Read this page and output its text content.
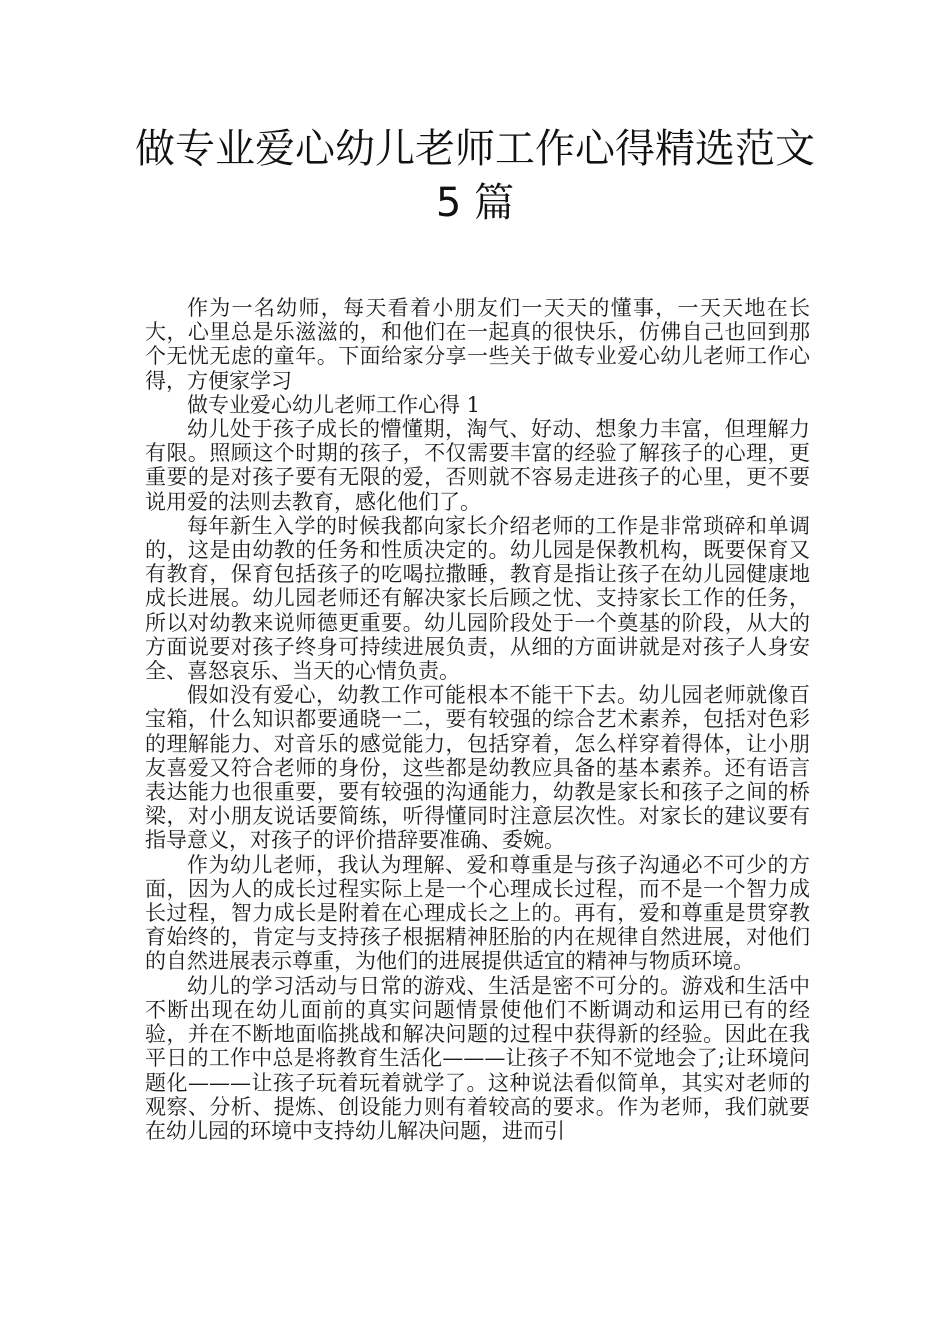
做专业爱心幼儿老师工作心得精选范文
5 篇

作为一名幼师，每天看着小朋友们一天天的懂事，一天天地在长大，心里总是乐滋滋的，和他们在一起真的很快乐，仿佛自己也回到那个无忧无虑的童年。下面给家分享一些关于做专业爱心幼儿老师工作心得，方便家学习

做专业爱心幼儿老师工作心得 1

幼儿处于孩子成长的懵懂期，淘气、好动、想象力丰富，但理解力有限。照顾这个时期的孩子，不仅需要丰富的经验了解孩子的心理，更重要的是对孩子要有无限的爱，否则就不容易走进孩子的心里，更不要说用爱的法则去教育，感化他们了。

每年新生入学的时候我都向家长介绍老师的工作是非常琐碎和单调的，这是由幼教的任务和性质决定的。幼儿园是保教机构，既要保育又有教育，保育包括孩子的吃喝拉撒睡，教育是指让孩子在幼儿园健康地成长进展。幼儿园老师还有解决家长后顾之忧、支持家长工作的任务，所以对幼教来说师德更重要。幼儿园阶段处于一个奠基的阶段，从大的方面说要对孩子终身可持续进展负责，从细的方面讲就是对孩子人身安全、喜怒哀乐、当天的心情负责。

假如没有爱心，幼教工作可能根本不能干下去。幼儿园老师就像百宝箱，什么知识都要通晓一二，要有较强的综合艺术素养，包括对色彩的理解能力、对音乐的感觉能力，包括穿着，怎么样穿着得体，让小朋友喜爱又符合老师的身份，这些都是幼教应具备的基本素养。还有语言表达能力也很重要，要有较强的沟通能力，幼教是家长和孩子之间的桥梁，对小朋友说话要简练，听得懂同时注意层次性。对家长的建议要有指导意义，对孩子的评价措辞要准确、委婉。

作为幼儿老师，我认为理解、爱和尊重是与孩子沟通必不可少的方面，因为人的成长过程实际上是一个心理成长过程，而不是一个智力成长过程，智力成长是附着在心理成长之上的。再有，爱和尊重是贯穿教育始终的，肯定与支持孩子根据精神胚胎的内在规律自然进展，对他们的自然进展表示尊重，为他们的进展提供适宜的精神与物质环境。

幼儿的学习活动与日常的游戏、生活是密不可分的。游戏和生活中不断出现在幼儿面前的真实问题情景使他们不断调动和运用已有的经验，并在不断地面临挑战和解决问题的过程中获得新的经验。因此在我平日的工作中总是将教育生活化———让孩子不知不觉地会了;让环境问题化———让孩子玩着玩着就学了。这种说法看似简单，其实对老师的观察、分析、提炼、创设能力则有着较高的要求。作为老师，我们就要在幼儿园的环境中支持幼儿解决问题，进而引
